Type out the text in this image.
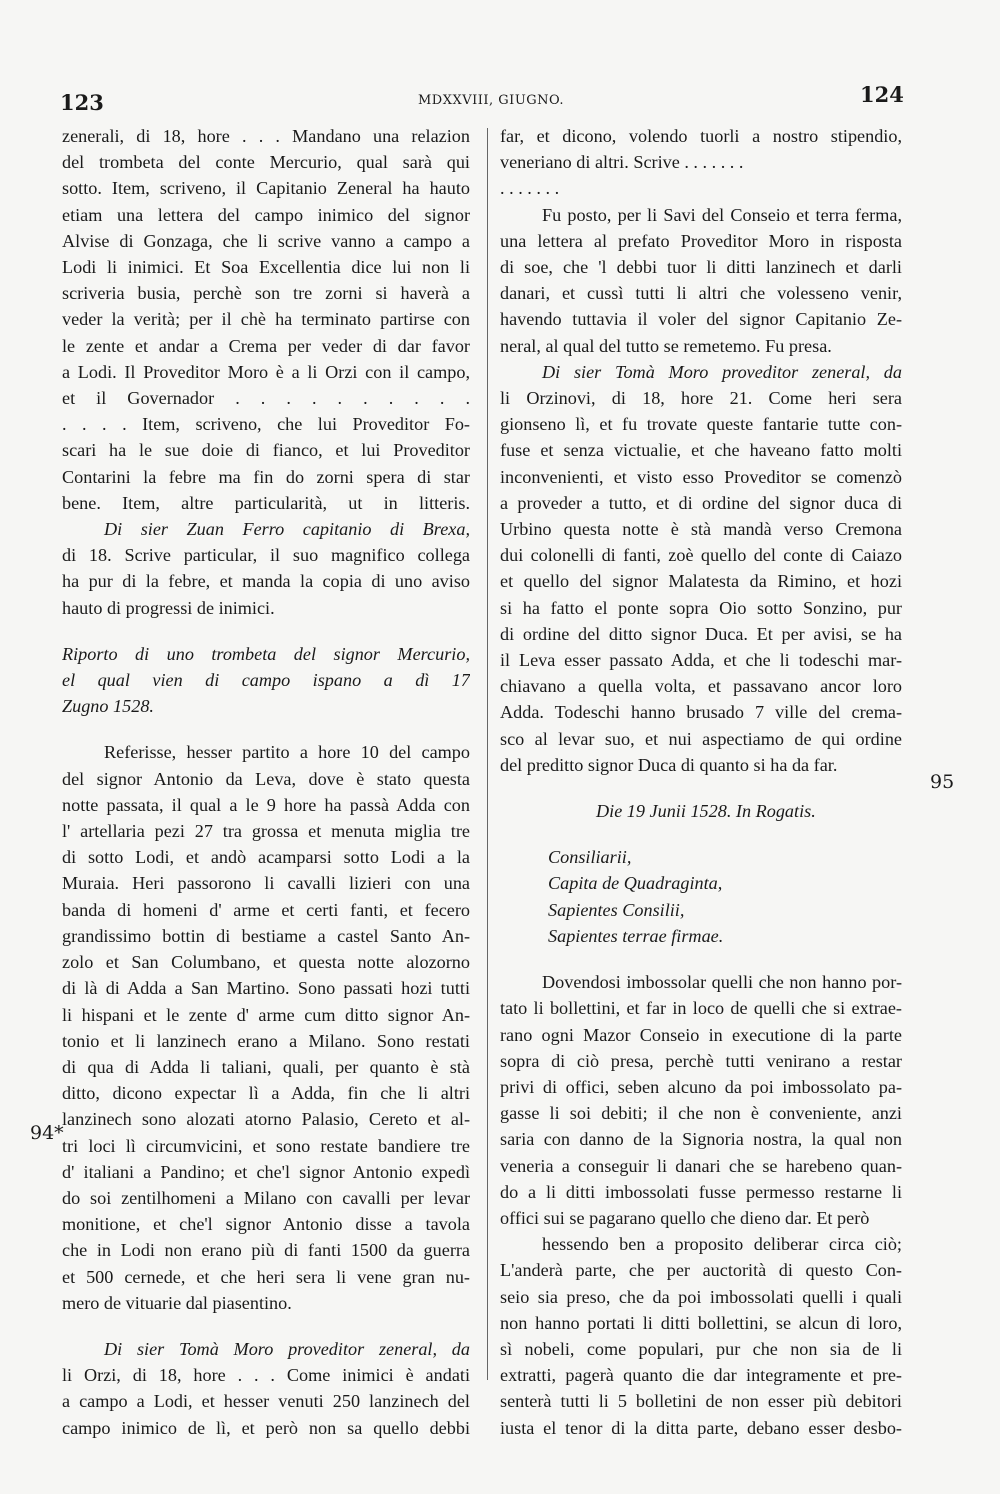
123	MDXXVIII, GIUGNO.	124
95
94*
zenerali, di 18, hore . . . Mandano una relazion
del trombeta del conte Mercurio, qual sarà qui
sotto. Item, scriveno, il Capitanio Zeneral ha hauto
etiam una lettera del campo inimico del signor
Alvise di Gonzaga, che li scrive vanno a campo a
Lodi li inimici. Et Soa Excellentia dice lui non li
scriveria busia, perchè son tre zorni si haverà a
veder la verità; per il chè ha terminato partirse con
le zente et andar a Crema per veder di dar favor
a Lodi. Il Proveditor Moro è a li Orzi con il campo,
et il Governador . . . . . . . . . .
. . . . Item, scriveno, che lui Proveditor Fo-
scari ha le sue doie di fianco, et lui Proveditor
Contarini la febre ma fin do zorni spera di star
bene. Item, altre particularità, ut in litteris.
Di sier Zuan Ferro capitanio di Brexa,
di 18. Scrive particular, il suo magnifico collega
ha pur di la febre, et manda la copia di uno aviso
hauto di progressi de inimici.
Riporto di uno trombeta del signor Mercurio,
el qual vien di campo ispano a dì 17
Zugno 1528.
Referisse, hesser partito a hore 10 del campo
del signor Antonio da Leva, dove è stato questa
notte passata, il qual a le 9 hore ha passà Adda con
l' artellaria pezi 27 tra grossa et menuta miglia tre
di sotto Lodi, et andò acamparsi sotto Lodi a la
Muraia. Heri passorono li cavalli lizieri con una
banda di homeni d' arme et certi fanti, et fecero
grandissimo bottin di bestiame a castel Santo An-
zolo et San Columbano, et questa notte alozorno
di là di Adda a San Martino. Sono passati hozi tutti
li hispani et le zente d' arme cum ditto signor An-
tonio et li lanzinech erano a Milano. Sono restati
di qua di Adda li taliani, quali, per quanto è stà
ditto, dicono expectar lì a Adda, fin che li altri
lanzinech sono alozati atorno Palasio, Cereto et al-
tri loci lì circumvicini, et sono restate bandiere tre
d' italiani a Pandino; et che'l signor Antonio expedì
do soi zentilhomeni a Milano con cavalli per levar
monitione, et che'l signor Antonio disse a tavola
che in Lodi non erano più di fanti 1500 da guerra
et 500 cernede, et che heri sera li vene gran nu-
mero de vituarie dal piasentino.
Di sier Tomà Moro proveditor zeneral, da
li Orzi, di 18, hore . . . Come inimici è andati
a campo a Lodi, et hesser venuti 250 lanzinech del
campo inimico de lì, et però non sa quello debbi
far, et dicono, volendo tuorli a nostro stipendio,
veneriano di altri. Scrive . . . . . . .
. . . . . . .
Fu posto, per li Savi del Conseio et terra ferma,
una lettera al prefato Proveditor Moro in risposta
di soe, che 'l debbi tuor li ditti lanzinech et darli
danari, et cussì tutti li altri che volesseno venir,
havendo tuttavia il voler del signor Capitanio Ze-
neral, al qual del tutto se remetemo. Fu presa.
Di sier Tomà Moro proveditor zeneral, da
li Orzinovi, di 18, hore 21. Come heri sera
gionseno lì, et fu trovate queste fantarie tutte con-
fuse et senza victualie, et che haveano fatto molti
inconvenienti, et visto esso Proveditor se comenzò
a proveder a tutto, et di ordine del signor duca di
Urbino questa notte è stà mandà verso Cremona
dui colonelli di fanti, zoè quello del conte di Caiazo
et quello del signor Malatesta da Rimino, et hozi
si ha fatto el ponte sopra Oio sotto Sonzino, pur
di ordine del ditto signor Duca. Et per avisi, se ha
il Leva esser passato Adda, et che li todeschi mar-
chiavano a quella volta, et passavano ancor loro
Adda. Todeschi hanno brusado 7 ville del crema-
sco al levar suo, et nui aspectiamo de qui ordine
del preditto signor Duca di quanto si ha da far.
Die 19 Junii 1528. In Rogatis.
Consiliarii,
Capita de Quadraginta,
Sapientes Consilii,
Sapientes terrae firmae.
Dovendosi imbossolar quelli che non hanno por-
tato li bollettini, et far in loco de quelli che si extrae-
rano ogni Mazor Conseio in executione di la parte
sopra di ciò presa, perchè tutti venirano a restar
privi di offici, seben alcuno da poi imbossolato pa-
gasse li soi debiti; il che non è conveniente, anzi
saria con danno de la Signoria nostra, la qual non
veneria a conseguir li danari che se harebeno quan-
do a li ditti imbossolati fusse permesso restarne li
offici sui se pagarano quello che dieno dar. Et però
hessendo ben a proposito deliberar circa ciò;
L'anderà parte, che per auctorità di questo Con-
seio sia preso, che da poi imbossolati quelli i quali
non hanno portati li ditti bollettini, se alcun di loro,
sì nobeli, come populari, pur che non sia de li
extratti, pagerà quanto die dar integramente et pre-
senterà tutti li 5 bolletini de non esser più debitori
iusta el tenor di la ditta parte, debano esser desbo-
